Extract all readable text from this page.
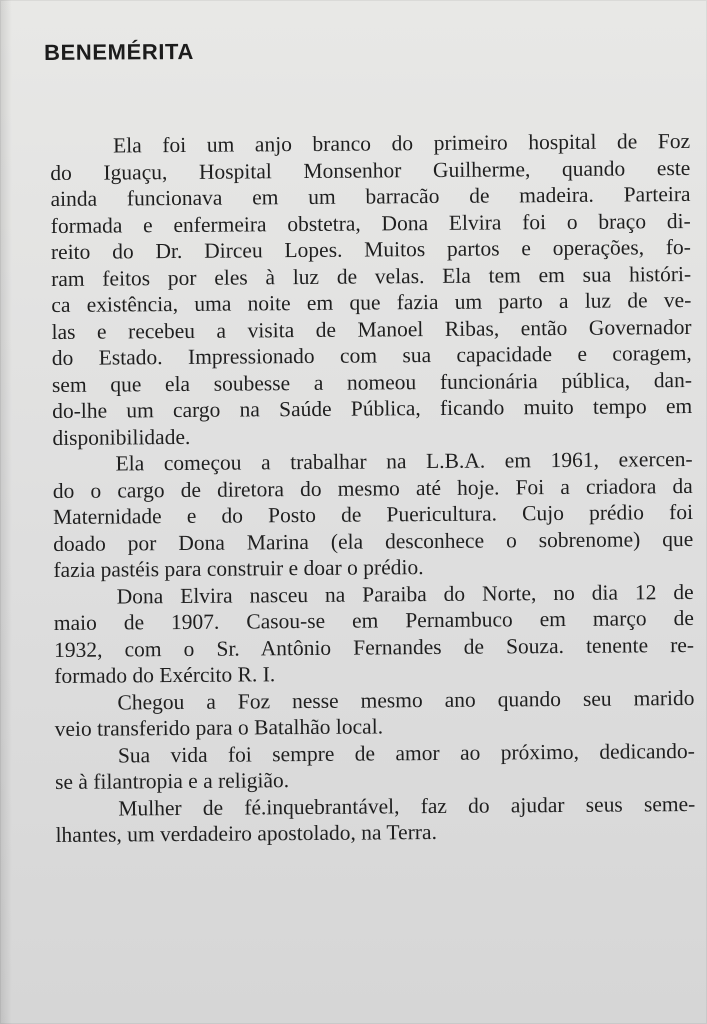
BENEMÉRITA
Ela foi um anjo branco do primeiro hospital de Foz
do Iguaçu, Hospital Monsenhor Guilherme, quando este
ainda funcionava em um barracão de madeira. Parteira
formada e enfermeira obstetra, Dona Elvira foi o braço di-
reito do Dr. Dirceu Lopes. Muitos partos e operações, fo-
ram feitos por eles à luz de velas. Ela tem em sua históri-
ca existência, uma noite em que fazia um parto a luz de ve-
las e recebeu a visita de Manoel Ribas, então Governador
do Estado. Impressionado com sua capacidade e coragem,
sem que ela soubesse a nomeou funcionária pública, dan-
do-lhe um cargo na Saúde Pública, ficando muito tempo em
disponibilidade.
Ela começou a trabalhar na L.B.A. em 1961, exercen-
do o cargo de diretora do mesmo até hoje. Foi a criadora da
Maternidade e do Posto de Puericultura. Cujo prédio foi
doado por Dona Marina (ela desconhece o sobrenome) que
fazia pastéis para construir e doar o prédio.
Dona Elvira nasceu na Paraiba do Norte, no dia 12 de
maio de 1907. Casou-se em Pernambuco em março de
1932, com o Sr. Antônio Fernandes de Souza. tenente re-
formado do Exército R. I.
Chegou a Foz nesse mesmo ano quando seu marido
veio transferido para o Batalhão local.
Sua vida foi sempre de amor ao próximo, dedicando-
se à filantropia e a religião.
Mulher de fé.inquebrantável, faz do ajudar seus seme-
lhantes, um verdadeiro apostolado, na Terra.
